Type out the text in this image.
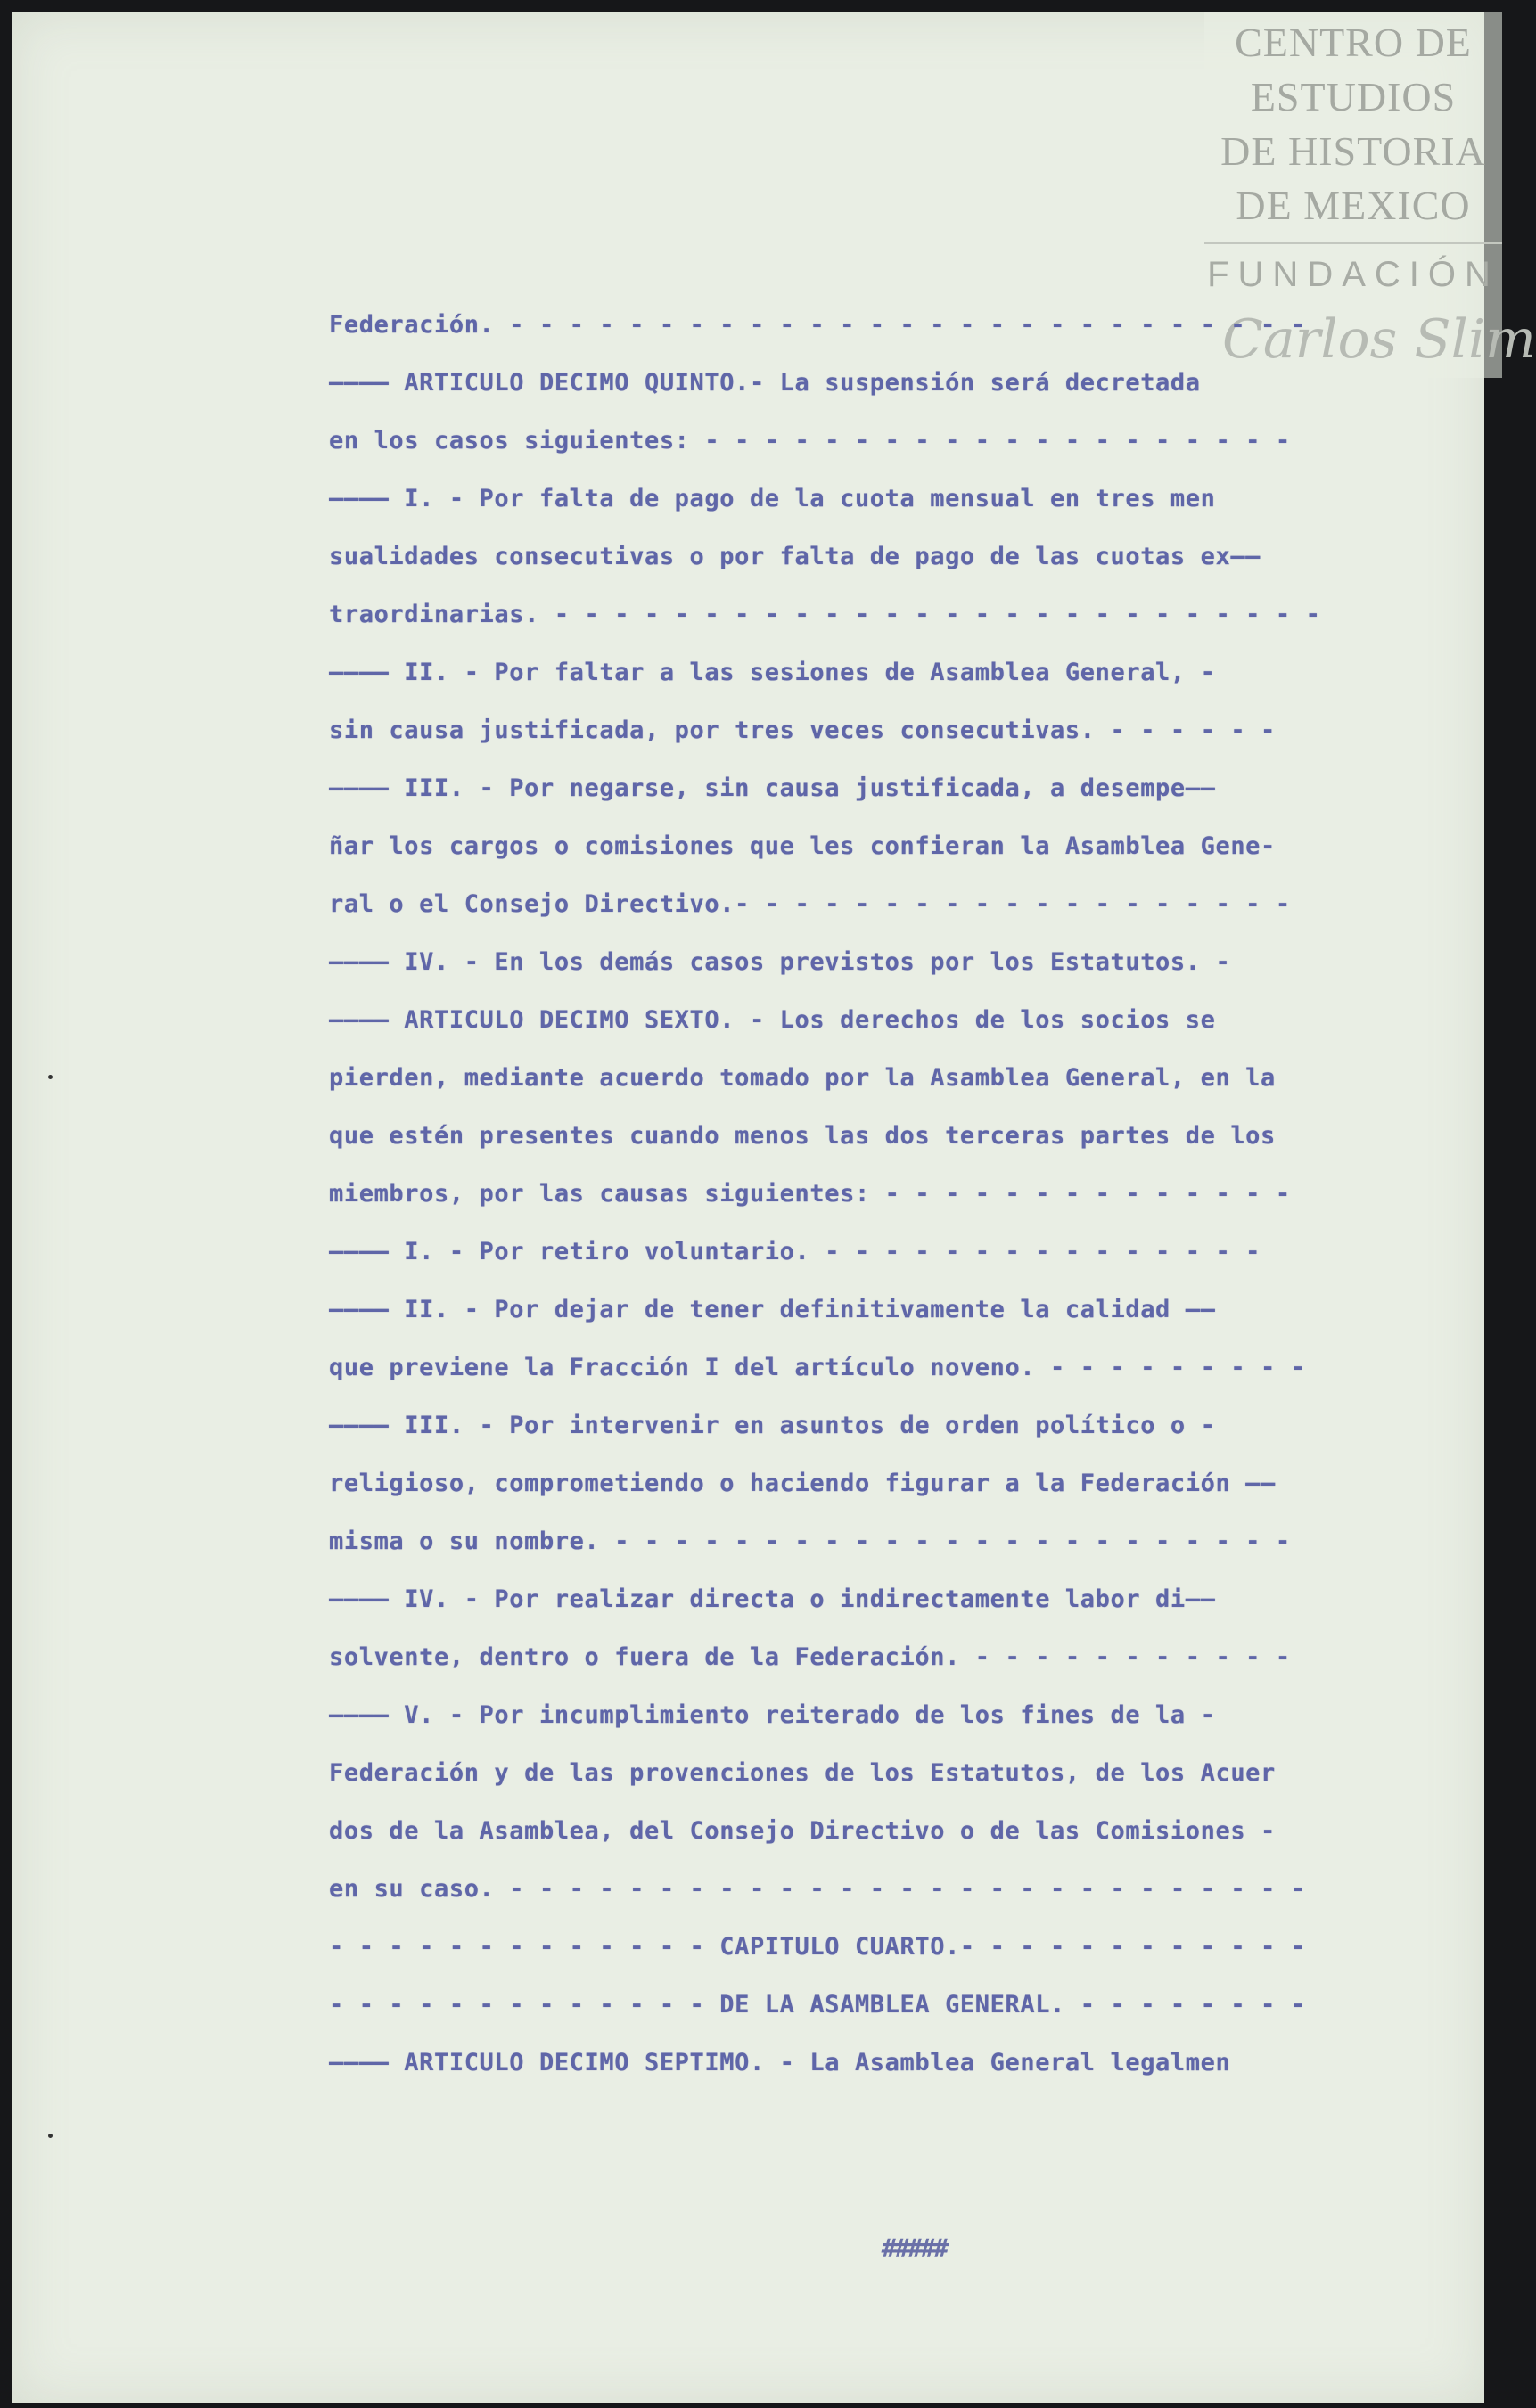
CENTRO DE
ESTUDIOS
DE HISTORIA
DE MEXICO
FUNDACIÓN
Carlos Slim
Federación. - - - - - - - - - - - - - - - - - - - - - - - - - - -
———— ARTICULO DECIMO QUINTO.- La suspensión será decretada
en los casos siguientes: - - - - - - - - - - - - - - - - - - - -
———— I. - Por falta de pago de la cuota mensual en tres men
sualidades consecutivas o por falta de pago de las cuotas ex——
traordinarias. - - - - - - - - - - - - - - - - - - - - - - - - - -
———— II. - Por faltar a las sesiones de Asamblea General, -
sin causa justificada, por tres veces consecutivas. - - - - - -
———— III. - Por negarse, sin causa justificada, a desempe——
ñar los cargos o comisiones que les confieran la Asamblea Gene-
ral o el Consejo Directivo.- - - - - - - - - - - - - - - - - - -
———— IV. - En los demás casos previstos por los Estatutos. -
———— ARTICULO DECIMO SEXTO. - Los derechos de los socios se
pierden, mediante acuerdo tomado por la Asamblea General, en la
que estén presentes cuando menos las dos terceras partes de los
miembros, por las causas siguientes: - - - - - - - - - - - - - -
———— I. - Por retiro voluntario. - - - - - - - - - - - - - - -
———— II. - Por dejar de tener definitivamente la calidad ——
que previene la Fracción I del artículo noveno. - - - - - - - - -
———— III. - Por intervenir en asuntos de orden político o -
religioso, comprometiendo o haciendo figurar a la Federación ——
misma o su nombre. - - - - - - - - - - - - - - - - - - - - - - -
———— IV. - Por realizar directa o indirectamente labor di——
solvente, dentro o fuera de la Federación. - - - - - - - - - - -
———— V. - Por incumplimiento reiterado de los fines de la -
Federación y de las provenciones de los Estatutos, de los Acuer
dos de la Asamblea, del Consejo Directivo o de las Comisiones -
en su caso. - - - - - - - - - - - - - - - - - - - - - - - - - - -
- - - - - - - - - - - - - CAPITULO CUARTO.- - - - - - - - - - - -
- - - - - - - - - - - - - DE LA ASAMBLEA GENERAL. - - - - - - - -
———— ARTICULO DECIMO SEPTIMO. - La Asamblea General legalmen
#####
